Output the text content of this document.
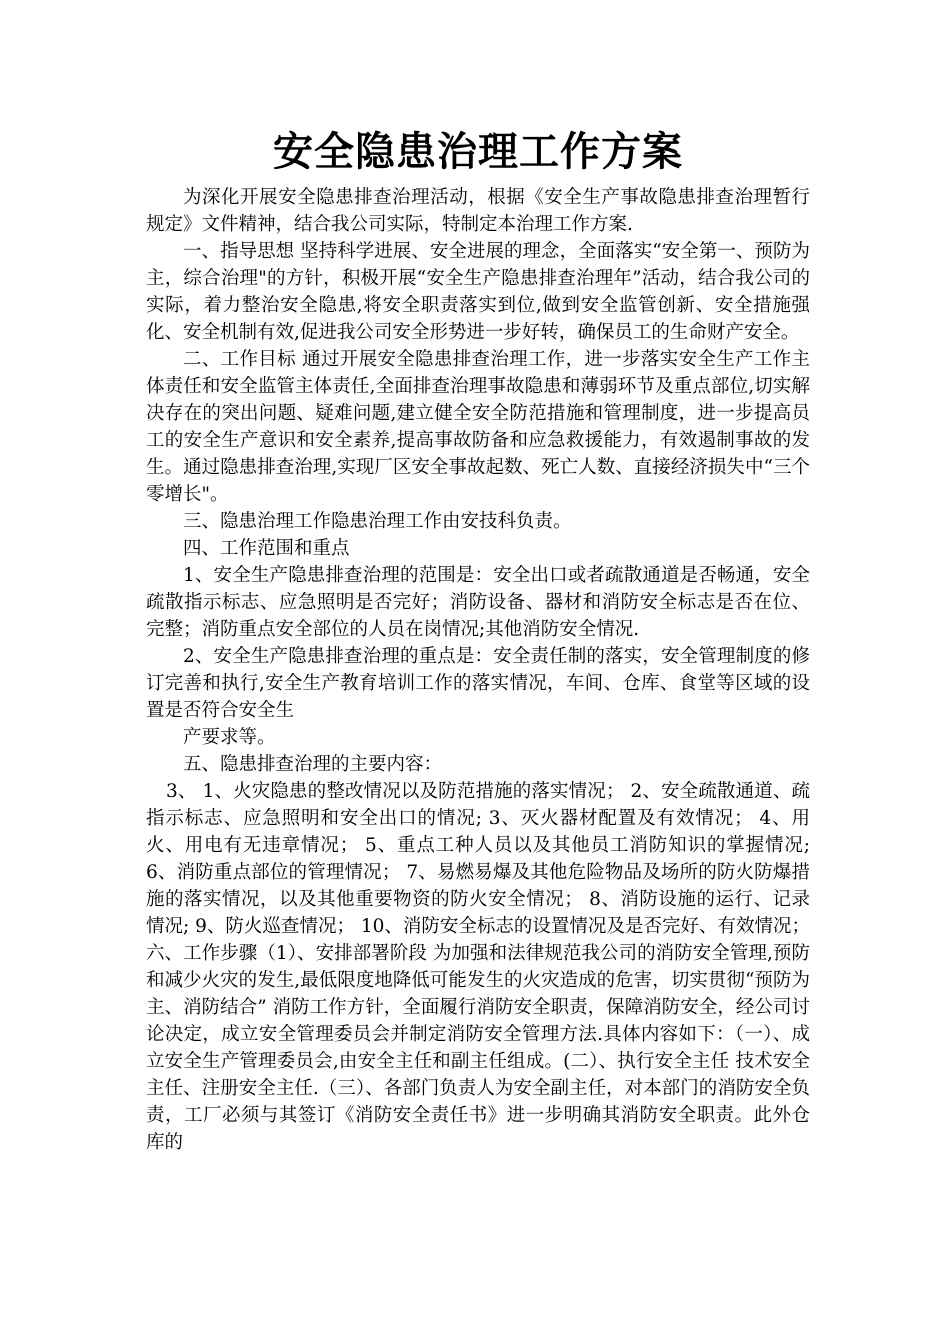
安全隐患治理工作方案

为深化开展安全隐患排查治理活动，根据《安全生产事故隐患排查治理暂行规定》文件精神，结合我公司实际，特制定本治理工作方案.

一、指导思想 坚持科学进展、安全进展的理念，全面落实“安全第一、预防为主，综合治理"的方针，积极开展“安全生产隐患排查治理年”活动，结合我公司的实际，着力整治安全隐患,将安全职责落实到位,做到安全监管创新、安全措施强化、安全机制有效,促进我公司安全形势进一步好转，确保员工的生命财产安全。

二、工作目标 通过开展安全隐患排查治理工作，进一步落实安全生产工作主体责任和安全监管主体责任,全面排查治理事故隐患和薄弱环节及重点部位,切实解决存在的突出问题、疑难问题,建立健全安全防范措施和管理制度，进一步提高员工的安全生产意识和安全素养,提高事故防备和应急救援能力，有效遏制事故的发生。通过隐患排查治理,实现厂区安全事故起数、死亡人数、直接经济损失中“三个零增长"。

三、隐患治理工作隐患治理工作由安技科负责。

四、工作范围和重点

1、安全生产隐患排查治理的范围是：安全出口或者疏散通道是否畅通，安全疏散指示标志、应急照明是否完好；消防设备、器材和消防安全标志是否在位、完整；消防重点安全部位的人员在岗情况;其他消防安全情况.

2、安全生产隐患排查治理的重点是：安全责任制的落实，安全管理制度的修订完善和执行,安全生产教育培训工作的落实情况，车间、仓库、食堂等区域的设置是否符合安全生

产要求等。

五、隐患排查治理的主要内容：

3、 1、火灾隐患的整改情况以及防范措施的落实情况； 2、安全疏散通道、疏指示标志、应急照明和安全出口的情况; 3、灭火器材配置及有效情况； 4、用火、用电有无违章情况； 5、重点工种人员以及其他员工消防知识的掌握情况; 6、消防重点部位的管理情况； 7、易燃易爆及其他危险物品及场所的防火防爆措施的落实情况，以及其他重要物资的防火安全情况； 8、消防设施的运行、记录情况; 9、防火巡查情况； 10、消防安全标志的设置情况及是否完好、有效情况； 六、工作步骤（1）、安排部署阶段 为加强和法律规范我公司的消防安全管理,预防和减少火灾的发生,最低限度地降低可能发生的火灾造成的危害，切实贯彻“预防为主、消防结合” 消防工作方针，全面履行消防安全职责，保障消防安全，经公司讨论决定，成立安全管理委员会并制定消防安全管理方法.具体内容如下：（一）、成立安全生产管理委员会,由安全主任和副主任组成。(二）、执行安全主任 技术安全主任、注册安全主任.（三）、各部门负责人为安全副主任，对本部门的消防安全负责，工厂必须与其签订《消防安全责任书》进一步明确其消防安全职责。此外仓库的
